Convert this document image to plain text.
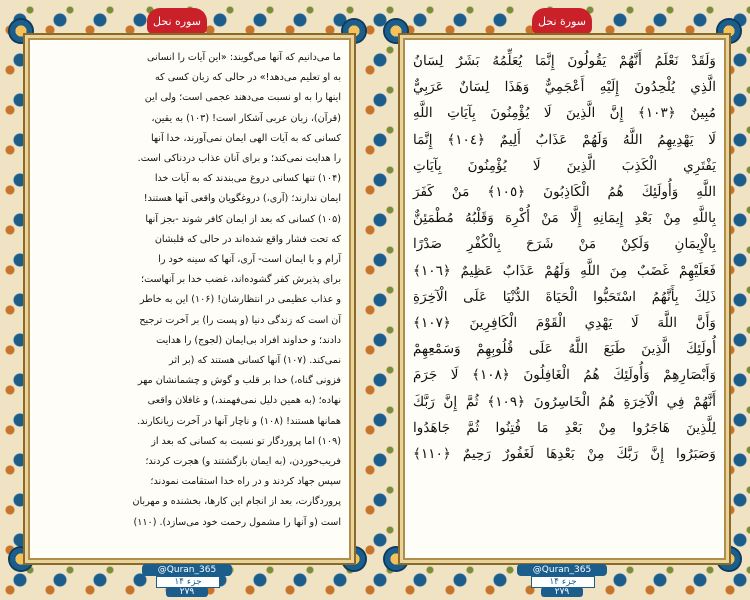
سوره نحل

ما می‌دانیم که آنها می‌گویند: «این آیات را انسانی

به او تعلیم می‌دهد!» در حالی که زبان کسی که

اینها را به او نسبت می‌دهند عجمی است؛ ولی این

(قرآن)، زبان عربی آشکار است! (۱۰۳) به یقین،

کسانی که به آیات الهی ایمان نمی‌آورند، خدا آنها

را هدایت نمی‌کند؛ و برای آنان عذاب دردناکی است.

(۱۰۴) تنها کسانی دروغ می‌بندند که به آیات خدا

ایمان ندارند؛ (آری،) دروغگویان واقعی آنها هستند!

(۱۰۵) کسانی که بعد از ایمان کافر شوند -بجز آنها

که تحت فشار واقع شده‌اند در حالی که قلبشان

آرام و با ایمان است- آری، آنها که سینه خود را

برای پذیرش کفر گشوده‌اند، غضب خدا بر آنهاست؛

و عذاب عظیمی در انتظارشان! (۱۰۶) این به خاطر

آن است که زندگی دنیا (و پست را) بر آخرت ترجیح

دادند؛ و خداوند افراد بی‌ایمان (لجوج) را هدایت

نمی‌کند. (۱۰۷) آنها کسانی هستند که (بر اثر

فزونی گناه،) خدا بر قلب و گوش و چشمانشان مهر

نهاده؛ (به همین دلیل نمی‌فهمند،) و غافلان واقعی

همانها هستند! (۱۰۸) و ناچار آنها در آخرت زیانکارند.

(۱۰۹) اما پروردگار تو نسبت به کسانی که بعد از

فریب‌خوردن، (به ایمان بازگشتند و) هجرت کردند؛

سپس جهاد کردند و در راه خدا استقامت نمودند؛

پروردگارت، بعد از انجام این کارها، بخشنده و مهربان

است (و آنها را مشمول رحمت خود می‌سازد). (۱۱۰)

@Quran_365
جزء ۱۴
۲۷۹
سورة نحل

وَلَقَدْ نَعْلَمُ أَنَّهُمْ يَقُولُونَ إِنَّمَا يُعَلِّمُهُ بَشَرٌ لِسَانُ

الَّذِي يُلْحِدُونَ إِلَيْهِ أَعْجَمِيٌّ وَهَذَا لِسَانٌ عَرَبِيٌّ

مُبِينٌ ﴿١٠٣﴾ إِنَّ الَّذِينَ لَا يُؤْمِنُونَ بِآيَاتِ اللَّهِ

لَا يَهْدِيهِمُ اللَّهُ وَلَهُمْ عَذَابٌ أَلِيمٌ ﴿١٠٤﴾ إِنَّمَا

يَفْتَرِي الْكَذِبَ الَّذِينَ لَا يُؤْمِنُونَ بِآيَاتِ

اللَّهِ وَأُولَئِكَ هُمُ الْكَاذِبُونَ ﴿١٠٥﴾ مَنْ كَفَرَ

بِاللَّهِ مِنْ بَعْدِ إِيمَانِهِ إِلَّا مَنْ أُكْرِهَ وَقَلْبُهُ مُطْمَئِنٌّ

بِالْإِيمَانِ وَلَكِنْ مَنْ شَرَحَ بِالْكُفْرِ صَدْرًا

فَعَلَيْهِمْ غَضَبٌ مِنَ اللَّهِ وَلَهُمْ عَذَابٌ عَظِيمٌ ﴿١٠٦﴾

ذَلِكَ بِأَنَّهُمُ اسْتَحَبُّوا الْحَيَاةَ الدُّنْيَا عَلَى الْآخِرَةِ

وَأَنَّ اللَّهَ لَا يَهْدِي الْقَوْمَ الْكَافِرِينَ ﴿١٠٧﴾

أُولَئِكَ الَّذِينَ طَبَعَ اللَّهُ عَلَى قُلُوبِهِمْ وَسَمْعِهِمْ

وَأَبْصَارِهِمْ وَأُولَئِكَ هُمُ الْغَافِلُونَ ﴿١٠٨﴾ لَا جَرَمَ

أَنَّهُمْ فِي الْآخِرَةِ هُمُ الْخَاسِرُونَ ﴿١٠٩﴾ ثُمَّ إِنَّ رَبَّكَ

لِلَّذِينَ هَاجَرُوا مِنْ بَعْدِ مَا فُتِنُوا ثُمَّ جَاهَدُوا

وَصَبَرُوا إِنَّ رَبَّكَ مِنْ بَعْدِهَا لَغَفُورٌ رَحِيمٌ ﴿١١٠﴾

@Quran_365
جزء ۱۴
۲۷۹
